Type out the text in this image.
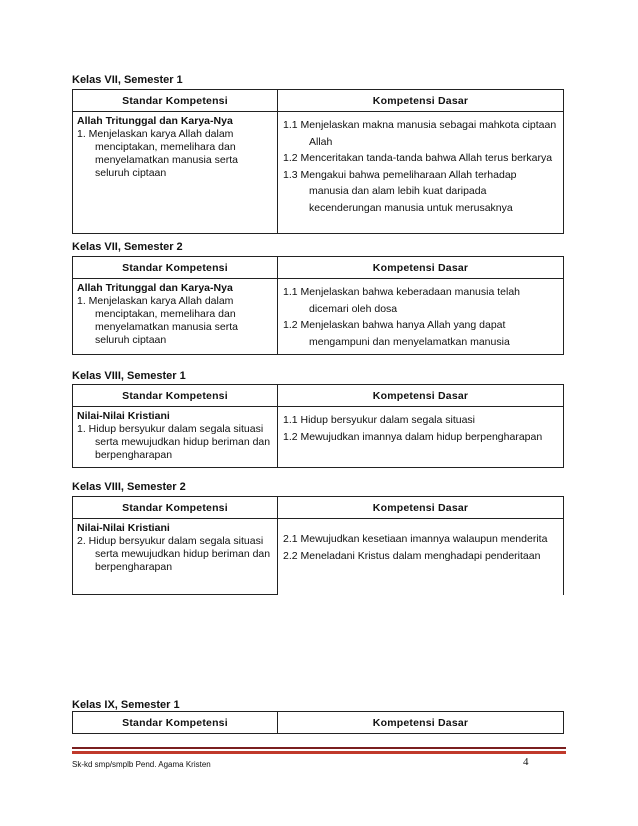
Kelas VII, Semester 1
Standar Kompetensi	Kompetensi Dasar

Allah Tritunggal dan Karya-Nya
1. Menjelaskan karya Allah dalam menciptakan, memelihara dan menyelamatkan manusia serta seluruh ciptaan	1.1 Menjelaskan makna manusia sebagai mahkota ciptaan Allah
1.2 Menceritakan tanda-tanda bahwa Allah terus berkarya
1.3 Mengakui bahwa pemeliharaan Allah terhadap manusia dan alam lebih kuat daripada kecenderungan manusia untuk merusaknya
Kelas VII, Semester 2
Standar Kompetensi	Kompetensi Dasar

Allah Tritunggal dan Karya-Nya
1. Menjelaskan karya Allah dalam menciptakan, memelihara dan menyelamatkan manusia serta seluruh ciptaan	1.1 Menjelaskan bahwa keberadaan manusia telah dicemari oleh dosa
1.2 Menjelaskan bahwa hanya Allah yang dapat mengampuni dan menyelamatkan manusia
Kelas VIII, Semester 1
Standar Kompetensi	Kompetensi Dasar

Nilai-Nilai Kristiani
1. Hidup bersyukur dalam segala situasi serta mewujudkan hidup beriman dan berpengharapan	1.1 Hidup bersyukur dalam segala situasi
1.2 Mewujudkan imannya dalam hidup berpengharapan
Kelas VIII, Semester 2
Standar Kompetensi	Kompetensi Dasar

Nilai-Nilai Kristiani
2. Hidup bersyukur dalam segala situasi serta mewujudkan hidup beriman dan berpengharapan	2.1 Mewujudkan kesetiaan imannya walaupun menderita
2.2 Meneladani Kristus dalam menghadapi penderitaan
Kelas IX, Semester 1
Standar Kompetensi	Kompetensi Dasar
Sk-kd smp/smplb Pend. Agama Kristen	4
